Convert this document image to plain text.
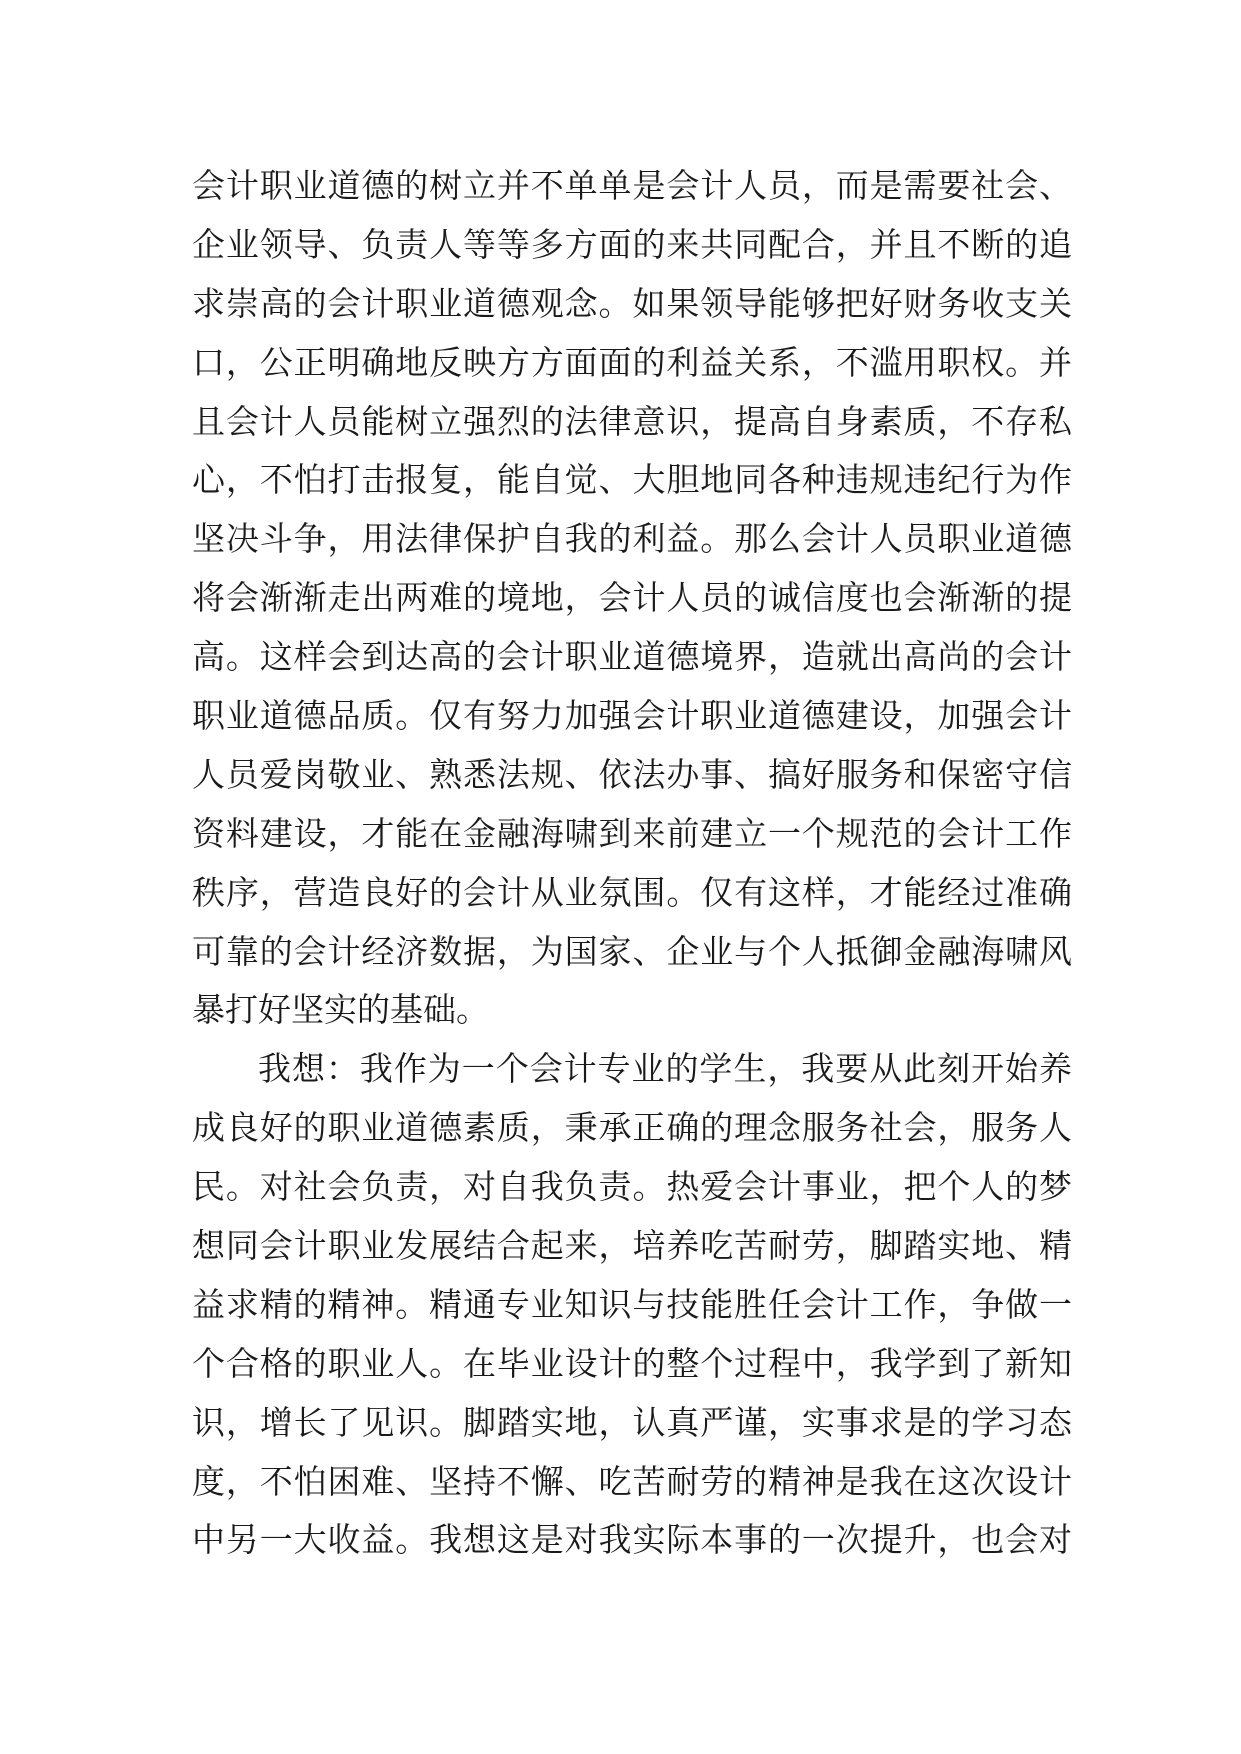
会计职业道德的树立并不单单是会计人员，而是需要社会、
企业领导、负责人等等多方面的来共同配合，并且不断的追
求崇高的会计职业道德观念。如果领导能够把好财务收支关
口，公正明确地反映方方面面的利益关系，不滥用职权。并
且会计人员能树立强烈的法律意识，提高自身素质，不存私
心，不怕打击报复，能自觉、大胆地同各种违规违纪行为作
坚决斗争，用法律保护自我的利益。那么会计人员职业道德
将会渐渐走出两难的境地，会计人员的诚信度也会渐渐的提
高。这样会到达高的会计职业道德境界，造就出高尚的会计
职业道德品质。仅有努力加强会计职业道德建设，加强会计
人员爱岗敬业、熟悉法规、依法办事、搞好服务和保密守信
资料建设，才能在金融海啸到来前建立一个规范的会计工作
秩序，营造良好的会计从业氛围。仅有这样，才能经过准确
可靠的会计经济数据，为国家、企业与个人抵御金融海啸风
暴打好坚实的基础。
我想：我作为一个会计专业的学生，我要从此刻开始养
成良好的职业道德素质，秉承正确的理念服务社会，服务人
民。对社会负责，对自我负责。热爱会计事业，把个人的梦
想同会计职业发展结合起来，培养吃苦耐劳，脚踏实地、精
益求精的精神。精通专业知识与技能胜任会计工作，争做一
个合格的职业人。在毕业设计的整个过程中，我学到了新知
识，增长了见识。脚踏实地，认真严谨，实事求是的学习态
度，不怕困难、坚持不懈、吃苦耐劳的精神是我在这次设计
中另一大收益。我想这是对我实际本事的一次提升，也会对
